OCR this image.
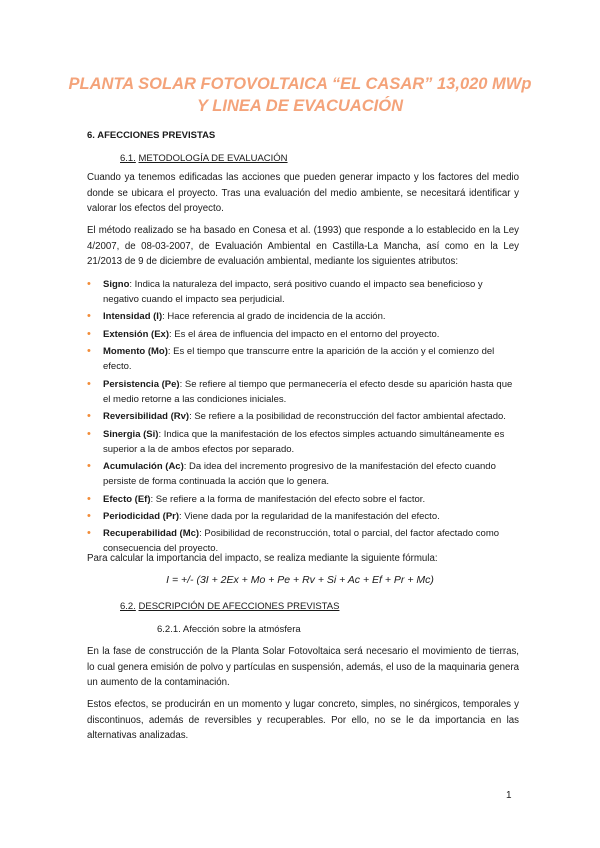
PLANTA SOLAR FOTOVOLTAICA “EL CASAR” 13,020 MWp
Y LINEA DE EVACUACIÓN
6. AFECCIONES PREVISTAS
6.1. METODOLOGÍA DE EVALUACIÓN
Cuando ya tenemos edificadas las acciones que pueden generar impacto y los factores del medio donde se ubicara el proyecto. Tras una evaluación del medio ambiente, se necesitará identificar y valorar los efectos del proyecto.
El método realizado se ha basado en Conesa et al. (1993) que responde a lo establecido en la Ley 4/2007, de 08-03-2007, de Evaluación Ambiental en Castilla-La Mancha, así como en la Ley 21/2013 de 9 de diciembre de evaluación ambiental, mediante los siguientes atributos:
• Signo: Indica la naturaleza del impacto, será positivo cuando el impacto sea beneficioso y negativo cuando el impacto sea perjudicial.
• Intensidad (I): Hace referencia al grado de incidencia de la acción.
• Extensión (Ex): Es el área de influencia del impacto en el entorno del proyecto.
• Momento (Mo): Es el tiempo que transcurre entre la aparición de la acción y el comienzo del efecto.
• Persistencia (Pe): Se refiere al tiempo que permanecería el efecto desde su aparición hasta que el medio retorne a las condiciones iniciales.
• Reversibilidad (Rv): Se refiere a la posibilidad de reconstrucción del factor ambiental afectado.
• Sinergia (Si): Indica que la manifestación de los efectos simples actuando simultáneamente es superior a la de ambos efectos por separado.
• Acumulación (Ac): Da idea del incremento progresivo de la manifestación del efecto cuando persiste de forma continuada la acción que lo genera.
• Efecto (Ef): Se refiere a la forma de manifestación del efecto sobre el factor.
• Periodicidad (Pr): Viene dada por la regularidad de la manifestación del efecto.
• Recuperabilidad (Mc): Posibilidad de reconstrucción, total o parcial, del factor afectado como consecuencia del proyecto.
Para calcular la importancia del impacto, se realiza mediante la siguiente fórmula:
I = +/- (3I + 2Ex + Mo + Pe + Rv + Si + Ac + Ef + Pr + Mc)
6.2. DESCRIPCIÓN DE AFECCIONES PREVISTAS
6.2.1. Afección sobre la atmósfera
En la fase de construcción de la Planta Solar Fotovoltaica será necesario el movimiento de tierras, lo cual genera emisión de polvo y partículas en suspensión, además, el uso de la maquinaria genera un aumento de la contaminación.
Estos efectos, se producirán en un momento y lugar concreto, simples, no sinérgicos, temporales y discontinuos, además de reversibles y recuperables. Por ello, no se le da importancia en las alternativas analizadas.
1
